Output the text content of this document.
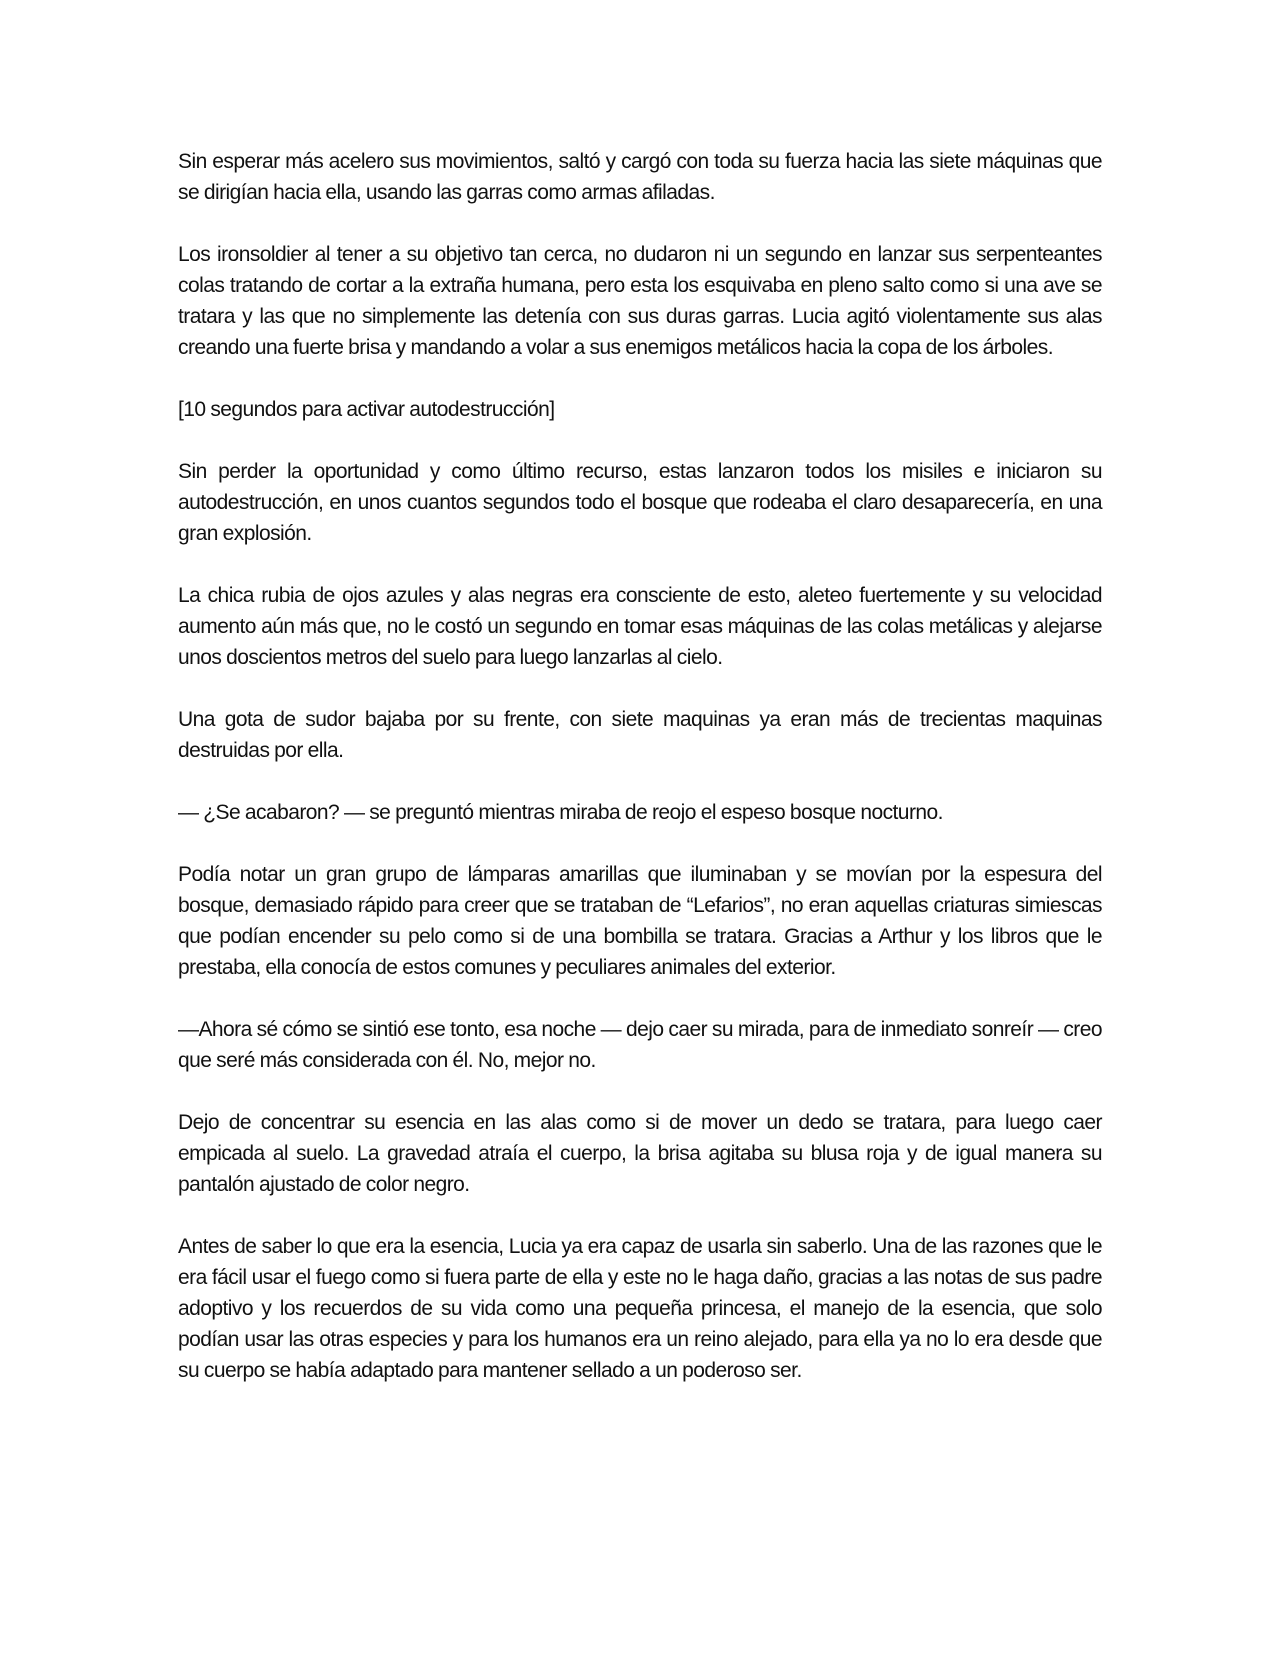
Sin esperar más acelero sus movimientos, saltó y cargó con toda su fuerza hacia las siete máquinas que se dirigían hacia ella, usando las garras como armas afiladas.

Los ironsoldier al tener a su objetivo tan cerca, no dudaron ni un segundo en lanzar sus serpenteantes colas tratando de cortar a la extraña humana, pero esta los esquivaba en pleno salto como si una ave se tratara y las que no simplemente las detenía con sus duras garras. Lucia agitó violentamente sus alas creando una fuerte brisa y mandando a volar a sus enemigos metálicos hacia la copa de los árboles.

[10 segundos para activar autodestrucción]

Sin perder la oportunidad y como último recurso, estas lanzaron todos los misiles e iniciaron su autodestrucción, en unos cuantos segundos todo el bosque que rodeaba el claro desaparecería, en una gran explosión.

La chica rubia de ojos azules y alas negras era consciente de esto, aleteo fuertemente y su velocidad aumento aún más que, no le costó un segundo en tomar esas máquinas de las colas metálicas y alejarse unos doscientos metros del suelo para luego lanzarlas al cielo.

Una gota de sudor bajaba por su frente, con siete maquinas ya eran más de trecientas maquinas destruidas por ella.

— ¿Se acabaron? — se preguntó mientras miraba de reojo el espeso bosque nocturno.

Podía notar un gran grupo de lámparas amarillas que iluminaban y se movían por la espesura del bosque, demasiado rápido para creer que se trataban de “Lefarios”, no eran aquellas criaturas simiescas que podían encender su pelo como si de una bombilla se tratara. Gracias a Arthur y los libros que le prestaba, ella conocía de estos comunes y peculiares animales del exterior.

—Ahora sé cómo se sintió ese tonto, esa noche — dejo caer su mirada, para de inmediato sonreír — creo que seré más considerada con él. No, mejor no.

Dejo de concentrar su esencia en las alas como si de mover un dedo se tratara, para luego caer empicada al suelo. La gravedad atraía el cuerpo, la brisa agitaba su blusa roja y de igual manera su pantalón ajustado de color negro.

Antes de saber lo que era la esencia, Lucia ya era capaz de usarla sin saberlo. Una de las razones que le era fácil usar el fuego como si fuera parte de ella y este no le haga daño, gracias a las notas de sus padre adoptivo y los recuerdos de su vida como una pequeña princesa, el manejo de la esencia, que solo podían usar las otras especies y para los humanos era un reino alejado, para ella ya no lo era desde que su cuerpo se había adaptado para mantener sellado a un poderoso ser.
